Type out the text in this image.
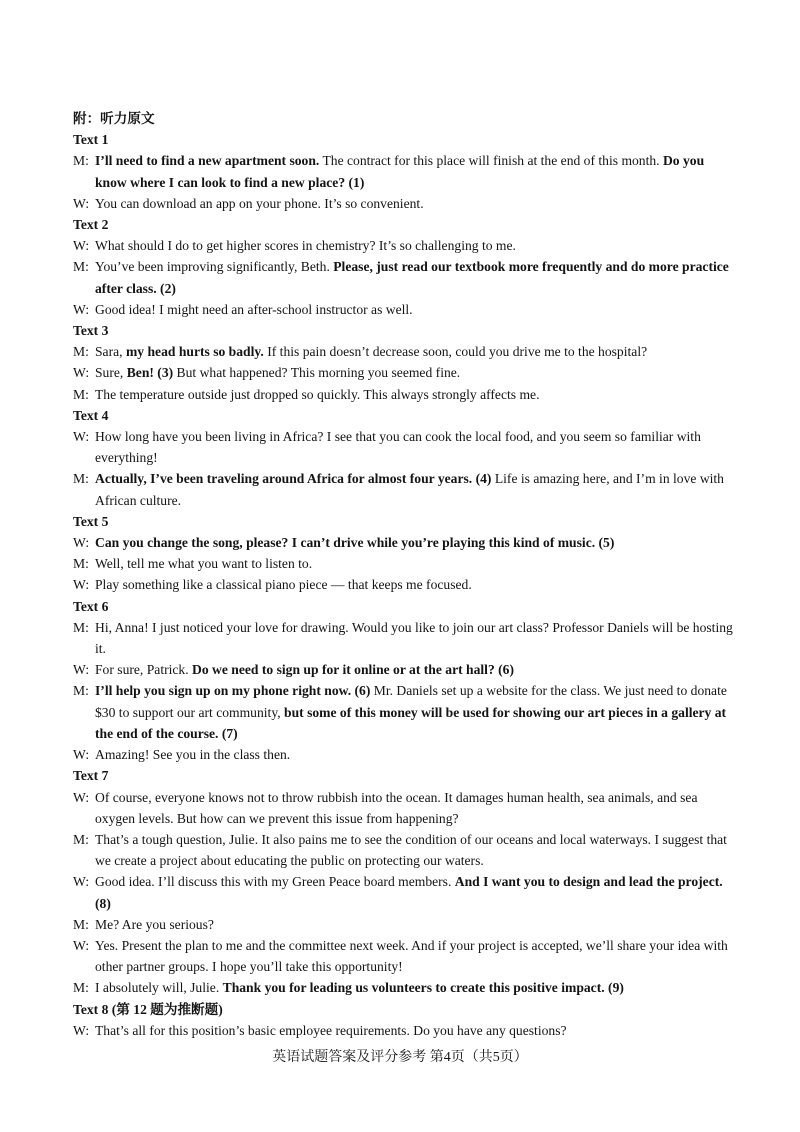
附：听力原文

Text 1

M: I’ll need to find a new apartment soon. The contract for this place will finish at the end of this month. Do you know where I can look to find a new place? (1)

W: You can download an app on your phone. It’s so convenient.

Text 2

W: What should I do to get higher scores in chemistry? It’s so challenging to me.

M: You’ve been improving significantly, Beth. Please, just read our textbook more frequently and do more practice after class. (2)

W: Good idea! I might need an after-school instructor as well.

Text 3

M: Sara, my head hurts so badly. If this pain doesn’t decrease soon, could you drive me to the hospital?

W: Sure, Ben! (3) But what happened? This morning you seemed fine.

M: The temperature outside just dropped so quickly. This always strongly affects me.

Text 4

W: How long have you been living in Africa? I see that you can cook the local food, and you seem so familiar with everything!

M: Actually, I’ve been traveling around Africa for almost four years. (4) Life is amazing here, and I’m in love with African culture.

Text 5

W: Can you change the song, please? I can’t drive while you’re playing this kind of music. (5)

M: Well, tell me what you want to listen to.

W: Play something like a classical piano piece — that keeps me focused.

Text 6

M: Hi, Anna! I just noticed your love for drawing. Would you like to join our art class? Professor Daniels will be hosting it.

W: For sure, Patrick. Do we need to sign up for it online or at the art hall? (6)

M: I’ll help you sign up on my phone right now. (6) Mr. Daniels set up a website for the class. We just need to donate $30 to support our art community, but some of this money will be used for showing our art pieces in a gallery at the end of the course. (7)

W: Amazing! See you in the class then.

Text 7

W: Of course, everyone knows not to throw rubbish into the ocean. It damages human health, sea animals, and sea oxygen levels. But how can we prevent this issue from happening?

M: That’s a tough question, Julie. It also pains me to see the condition of our oceans and local waterways. I suggest that we create a project about educating the public on protecting our waters.

W: Good idea. I’ll discuss this with my Green Peace board members. And I want you to design and lead the project. (8)

M: Me? Are you serious?

W: Yes. Present the plan to me and the committee next week. And if your project is accepted, we’ll share your idea with other partner groups. I hope you’ll take this opportunity!

M: I absolutely will, Julie. Thank you for leading us volunteers to create this positive impact. (9)

Text 8 (第 12 题为推断题)

W: That’s all for this position’s basic employee requirements. Do you have any questions?

英语试题答案及评分参考 第4页（共5页）
